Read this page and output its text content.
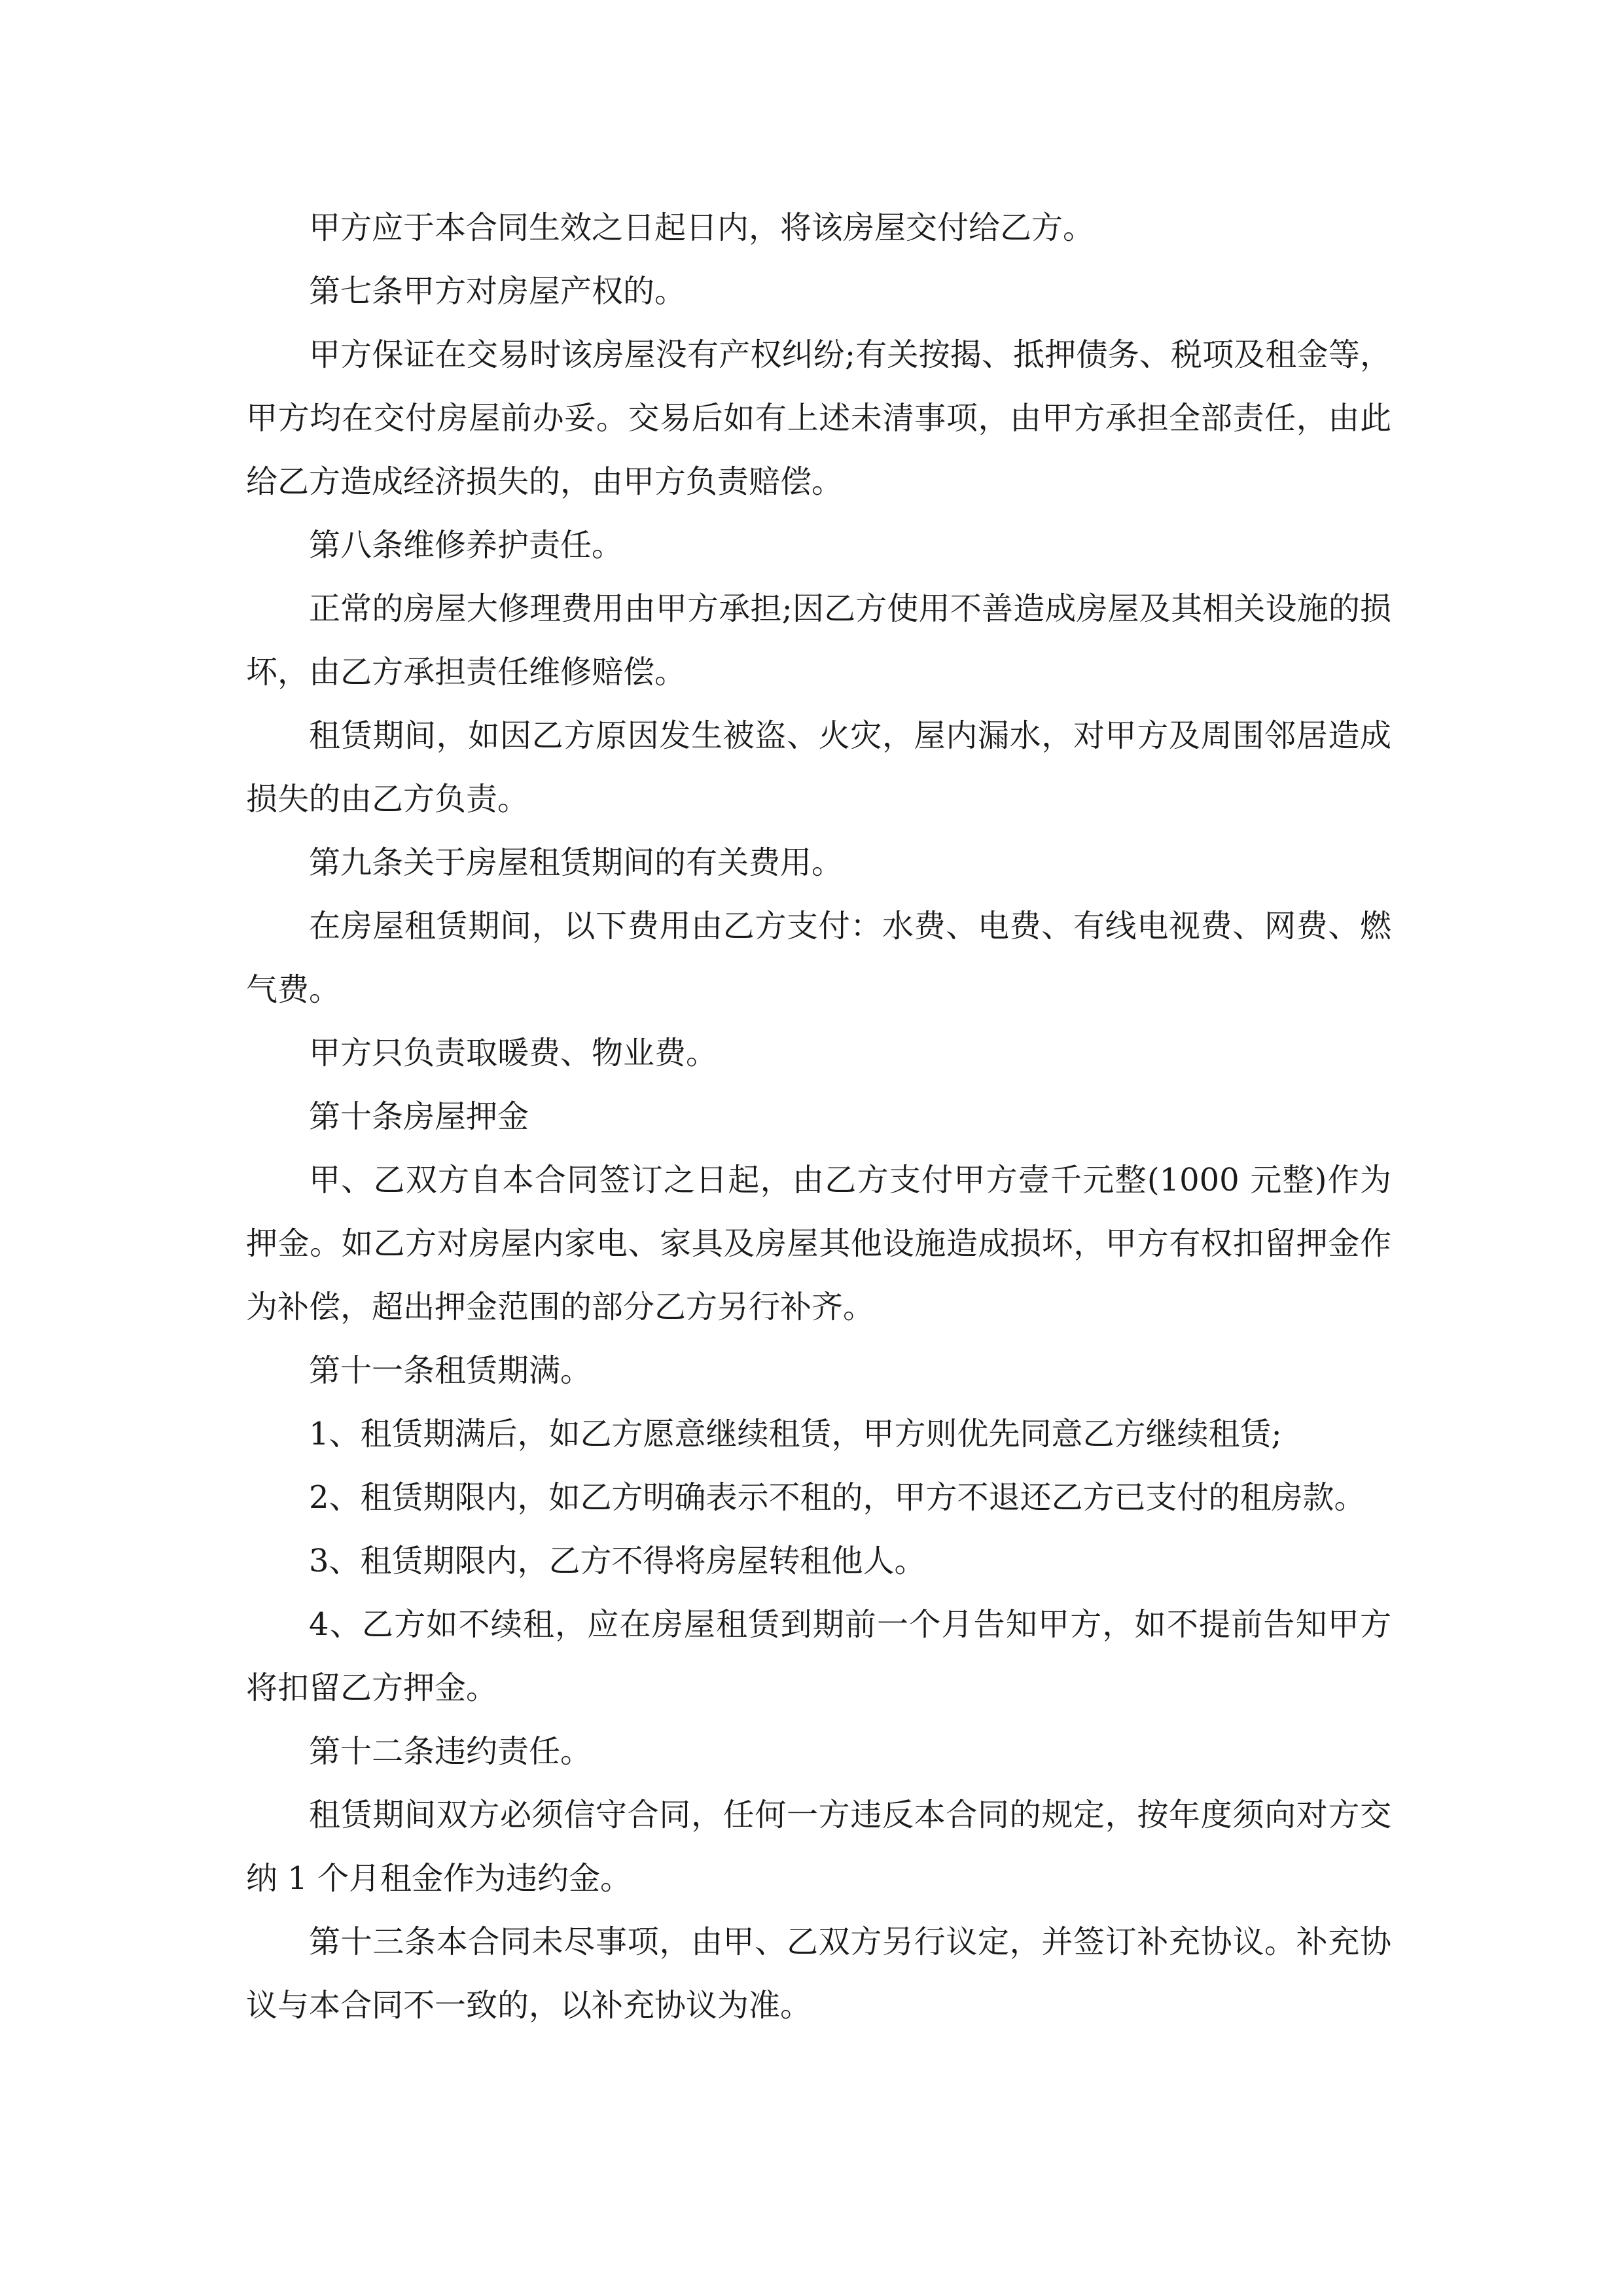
甲方应于本合同生效之日起日内，将该房屋交付给乙方。

第七条甲方对房屋产权的。

甲方保证在交易时该房屋没有产权纠纷;有关按揭、抵押债务、税项及租金等，甲方均在交付房屋前办妥。交易后如有上述未清事项，由甲方承担全部责任，由此给乙方造成经济损失的，由甲方负责赔偿。

第八条维修养护责任。

正常的房屋大修理费用由甲方承担;因乙方使用不善造成房屋及其相关设施的损坏，由乙方承担责任维修赔偿。

租赁期间，如因乙方原因发生被盗、火灾，屋内漏水，对甲方及周围邻居造成损失的由乙方负责。

第九条关于房屋租赁期间的有关费用。

在房屋租赁期间，以下费用由乙方支付：水费、电费、有线电视费、网费、燃气费。

甲方只负责取暖费、物业费。

第十条房屋押金

甲、乙双方自本合同签订之日起，由乙方支付甲方壹千元整(1000 元整)作为押金。如乙方对房屋内家电、家具及房屋其他设施造成损坏，甲方有权扣留押金作为补偿，超出押金范围的部分乙方另行补齐。

第十一条租赁期满。

1、租赁期满后，如乙方愿意继续租赁，甲方则优先同意乙方继续租赁;

2、租赁期限内，如乙方明确表示不租的，甲方不退还乙方已支付的租房款。

3、租赁期限内，乙方不得将房屋转租他人。

4、乙方如不续租，应在房屋租赁到期前一个月告知甲方，如不提前告知甲方将扣留乙方押金。

第十二条违约责任。

租赁期间双方必须信守合同，任何一方违反本合同的规定，按年度须向对方交纳 1 个月租金作为违约金。

第十三条本合同未尽事项，由甲、乙双方另行议定，并签订补充协议。补充协议与本合同不一致的，以补充协议为准。
